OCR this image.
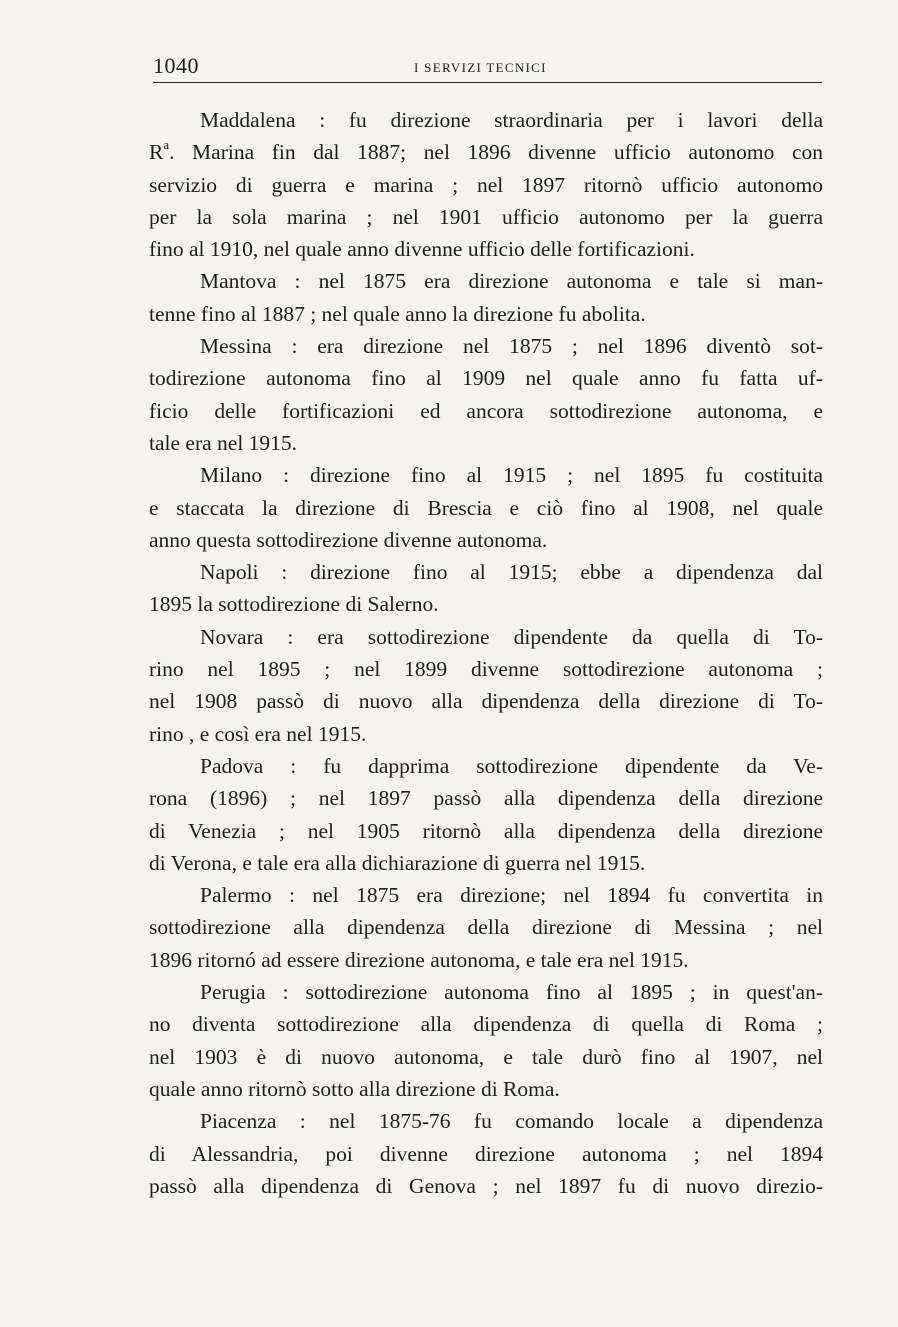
1040	I SERVIZI TECNICI
Maddalena : fu direzione straordinaria per i lavori della
$R^a$. Marina fin dal 1887; nel 1896 divenne ufficio autonomo con
servizio di guerra e marina ; nel 1897 ritornò ufficio autonomo
per la sola marina ; nel 1901 ufficio autonomo per la guerra
fino al 1910, nel quale anno divenne ufficio delle fortificazioni.
Mantova : nel 1875 era direzione autonoma e tale si man-
tenne fino al 1887 ; nel quale anno la direzione fu abolita.
Messina : era direzione nel 1875 ; nel 1896 diventò sot-
todirezione autonoma fino al 1909 nel quale anno fu fatta uf-
ficio delle fortificazioni ed ancora sottodirezione autonoma, e
tale era nel 1915.
Milano : direzione fino al 1915 ; nel 1895 fu costituita
e staccata la direzione di Brescia e ciò fino al 1908, nel quale
anno questa sottodirezione divenne autonoma.
Napoli : direzione fino al 1915; ebbe a dipendenza dal
1895 la sottodirezione di Salerno.
Novara : era sottodirezione dipendente da quella di To-
rino nel 1895 ; nel 1899 divenne sottodirezione autonoma ;
nel 1908 passò di nuovo alla dipendenza della direzione di To-
rino , e così era nel 1915.
Padova : fu dapprima sottodirezione dipendente da Ve-
rona (1896) ; nel 1897 passò alla dipendenza della direzione
di Venezia ; nel 1905 ritornò alla dipendenza della direzione
di Verona, e tale era alla dichiarazione di guerra nel 1915.
Palermo : nel 1875 era direzione; nel 1894 fu convertita in
sottodirezione alla dipendenza della direzione di Messina ; nel
1896 ritornó ad essere direzione autonoma, e tale era nel 1915.
Perugia : sottodirezione autonoma fino al 1895 ; in quest'an-
no diventa sottodirezione alla dipendenza di quella di Roma ;
nel 1903 è di nuovo autonoma, e tale durò fino al 1907, nel
quale anno ritornò sotto alla direzione di Roma.
Piacenza : nel 1875-76 fu comando locale a dipendenza
di Alessandria, poi divenne direzione autonoma ; nel 1894
passò alla dipendenza di Genova ; nel 1897 fu di nuovo direzio-
